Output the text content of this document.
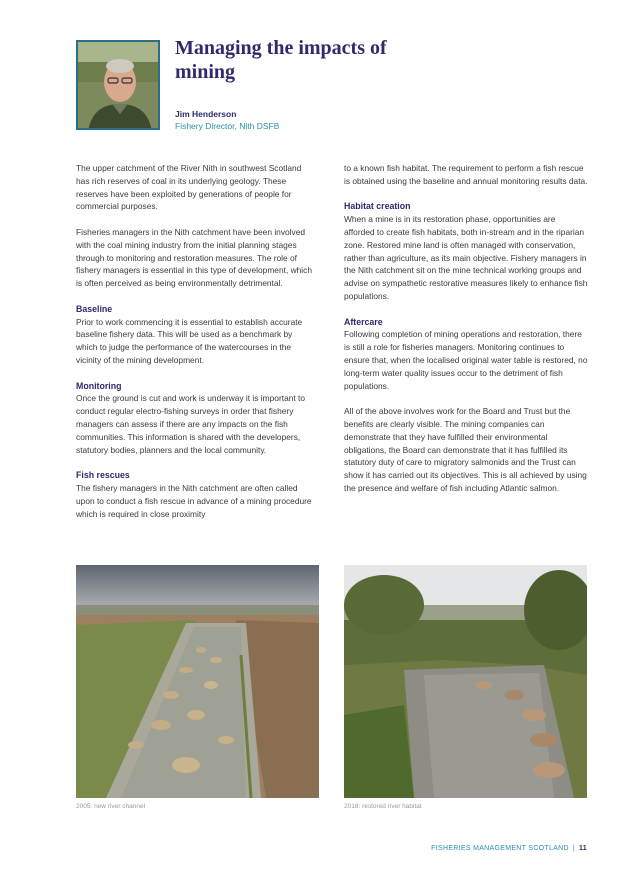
Managing the impacts of mining
Jim Henderson
Fishery Director, Nith DSFB

The upper catchment of the River Nith in southwest Scotland has rich reserves of coal in its underlying geology. These reserves have been exploited by generations of people for commercial purposes.

Fisheries managers in the Nith catchment have been involved with the coal mining industry from the initial planning stages through to monitoring and restoration measures. The role of fishery managers is essential in this type of development, which is often perceived as being environmentally detrimental.

Baseline

Prior to work commencing it is essential to establish accurate baseline fishery data. This will be used as a benchmark by which to judge the performance of the watercourses in the vicinity of the mining development.

Monitoring

Once the ground is cut and work is underway it is important to conduct regular electro-fishing surveys in order that fishery managers can assess if there are any impacts on the fish communities. This information is shared with the developers, statutory bodies, planners and the local community.

Fish rescues

The fishery managers in the Nith catchment are often called upon to conduct a fish rescue in advance of a mining procedure which is required in close proximity

to a known fish habitat. The requirement to perform a fish rescue is obtained using the baseline and annual monitoring results data.

Habitat creation

When a mine is in its restoration phase, opportunities are afforded to create fish habitats, both in-stream and in the riparian zone. Restored mine land is often managed with conservation, rather than agriculture, as its main objective. Fishery managers in the Nith catchment sit on the mine technical working groups and advise on sympathetic restorative measures likely to enhance fish populations.

Aftercare

Following completion of mining operations and restoration, there is still a role for fisheries managers. Monitoring continues to ensure that, when the localised original water table is restored, no long-term water quality issues occur to the detriment of fish populations.

All of the above involves work for the Board and Trust but the benefits are clearly visible. The mining companies can demonstrate that they have fulfilled their environmental obligations, the Board can demonstrate that it has fulfilled its statutory duty of care to migratory salmonids and the Trust can show it has carried out its objectives. This is all achieved by using the presence and welfare of fish including Atlantic salmon.

2005: new river channel	2018: restored river habitat
FISHERIES MANAGEMENT SCOTLAND | 11
